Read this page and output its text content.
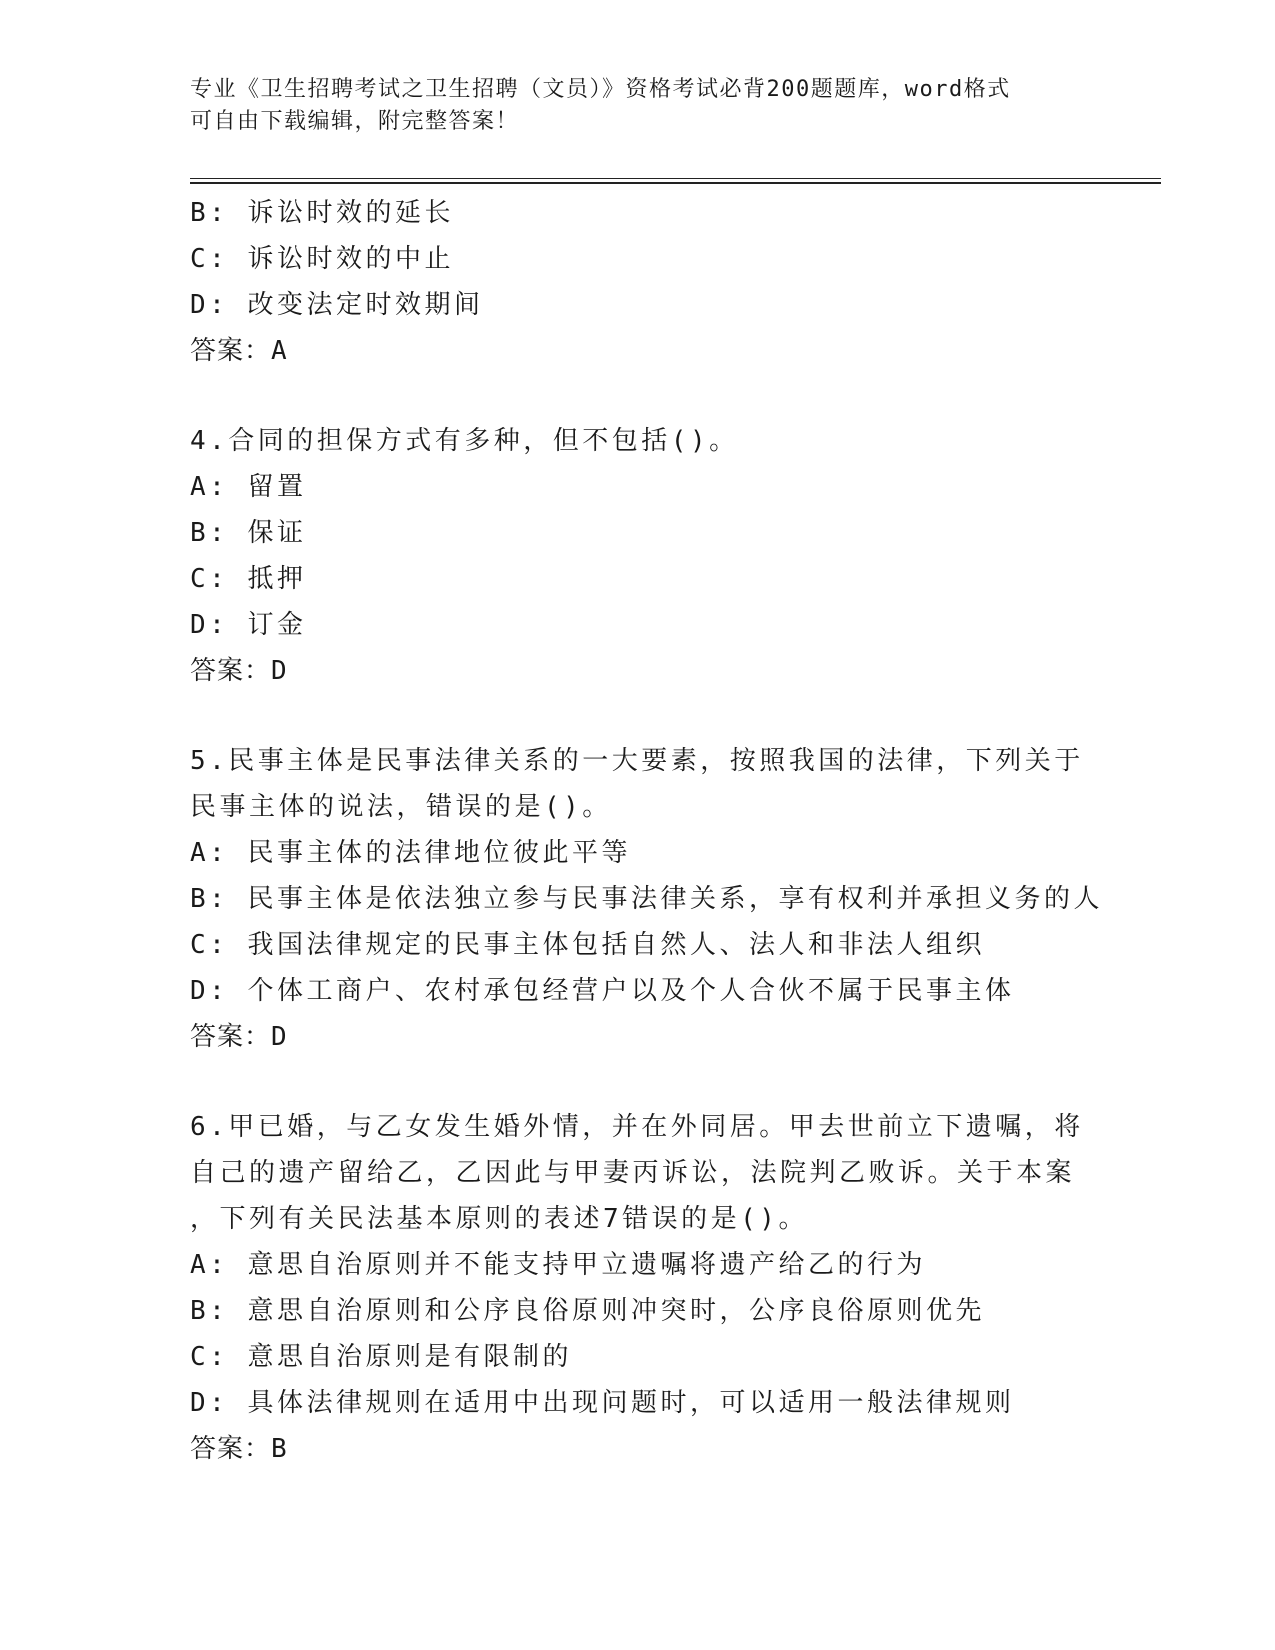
专业《卫生招聘考试之卫生招聘（文员）》资格考试必背200题题库，word格式
可自由下载编辑，附完整答案！
B: 诉讼时效的延长
C: 诉讼时效的中止
D: 改变法定时效期间
答案：A
4.合同的担保方式有多种，但不包括()。
A: 留置
B: 保证
C: 抵押
D: 订金
答案：D
5.民事主体是民事法律关系的一大要素，按照我国的法律，下列关于
民事主体的说法，错误的是()。
A: 民事主体的法律地位彼此平等
B: 民事主体是依法独立参与民事法律关系，享有权利并承担义务的人
C: 我国法律规定的民事主体包括自然人、法人和非法人组织
D: 个体工商户、农村承包经营户以及个人合伙不属于民事主体
答案：D
6.甲已婚，与乙女发生婚外情，并在外同居。甲去世前立下遗嘱，将
自己的遗产留给乙，乙因此与甲妻丙诉讼，法院判乙败诉。关于本案
，下列有关民法基本原则的表述7错误的是()。
A: 意思自治原则并不能支持甲立遗嘱将遗产给乙的行为
B: 意思自治原则和公序良俗原则冲突时，公序良俗原则优先
C: 意思自治原则是有限制的
D: 具体法律规则在适用中出现问题时，可以适用一般法律规则
答案：B
